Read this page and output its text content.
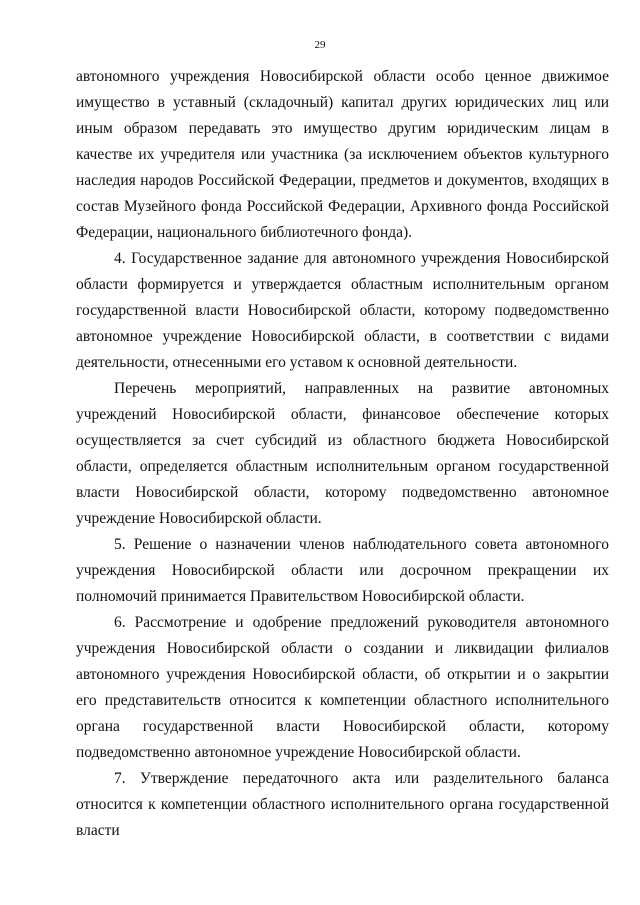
29

автономного учреждения Новосибирской области особо ценное движимое имущество в уставный (складочный) капитал других юридических лиц или иным образом передавать это имущество другим юридическим лицам в качестве их учредителя или участника (за исключением объектов культурного наследия народов Российской Федерации, предметов и документов, входящих в состав Музейного фонда Российской Федерации, Архивного фонда Российской Федерации, национального библиотечного фонда).

4. Государственное задание для автономного учреждения Новосибирской области формируется и утверждается областным исполнительным органом государственной власти Новосибирской области, которому подведомственно автономное учреждение Новосибирской области, в соответствии с видами деятельности, отнесенными его уставом к основной деятельности.

Перечень мероприятий, направленных на развитие автономных учреждений Новосибирской области, финансовое обеспечение которых осуществляется за счет субсидий из областного бюджета Новосибирской области, определяется областным исполнительным органом государственной власти Новосибирской области, которому подведомственно автономное учреждение Новосибирской области.

5. Решение о назначении членов наблюдательного совета автономного учреждения Новосибирской области или досрочном прекращении их полномочий принимается Правительством Новосибирской области.

6. Рассмотрение и одобрение предложений руководителя автономного учреждения Новосибирской области о создании и ликвидации филиалов автономного учреждения Новосибирской области, об открытии и о закрытии его представительств относится к компетенции областного исполнительного органа государственной власти Новосибирской области, которому подведомственно автономное учреждение Новосибирской области.

7. Утверждение передаточного акта или разделительного баланса относится к компетенции областного исполнительного органа государственной власти
